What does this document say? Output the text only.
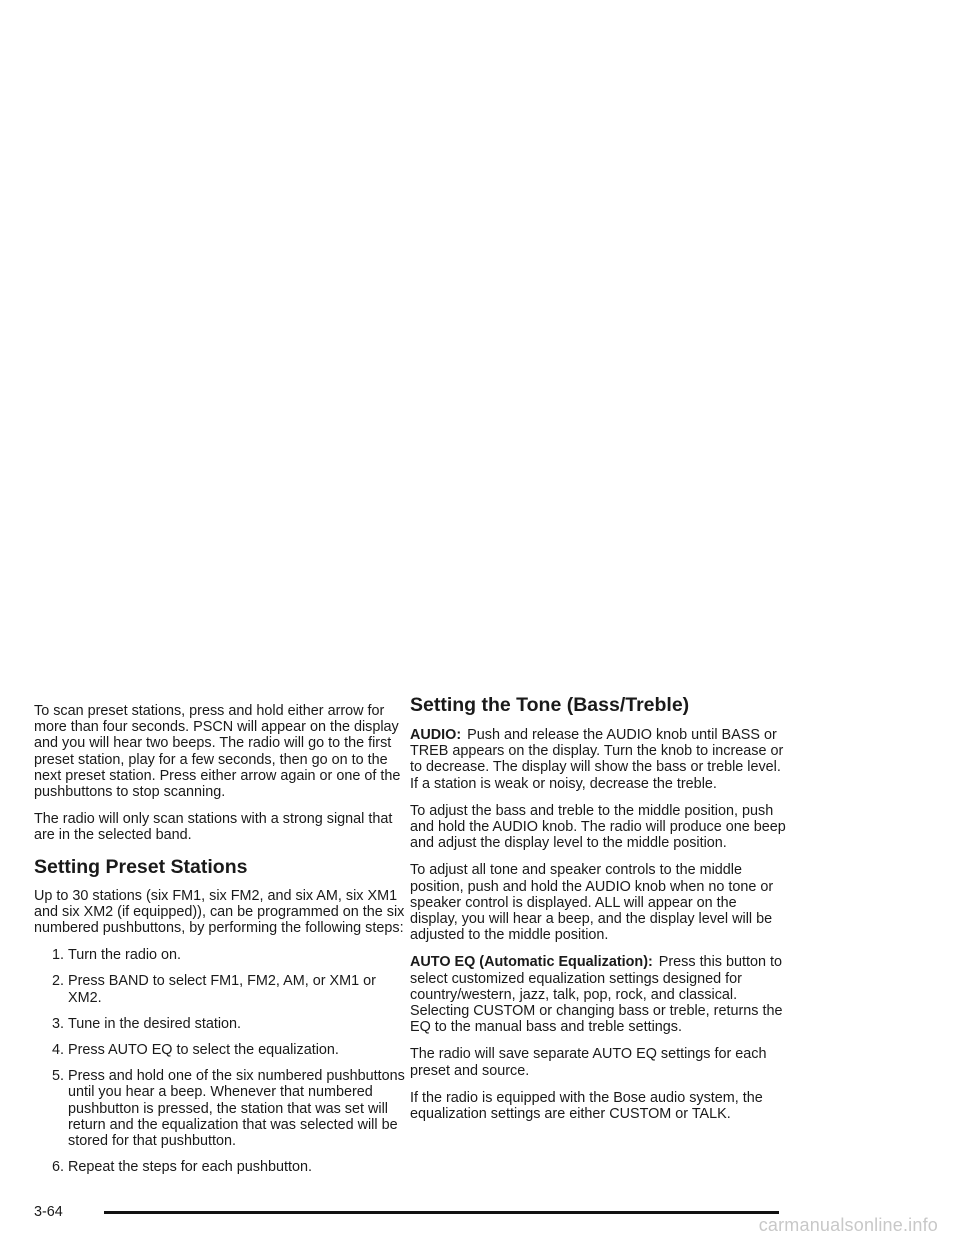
To scan preset stations, press and hold either arrow for more than four seconds. PSCN will appear on the display and you will hear two beeps. The radio will go to the first preset station, play for a few seconds, then go on to the next preset station. Press either arrow again or one of the pushbuttons to stop scanning.

The radio will only scan stations with a strong signal that are in the selected band.

Setting Preset Stations

Up to 30 stations (six FM1, six FM2, and six AM, six XM1 and six XM2 (if equipped)), can be programmed on the six numbered pushbuttons, by performing the following steps:

1. Turn the radio on.
2. Press BAND to select FM1, FM2, AM, or XM1 or XM2.
3. Tune in the desired station.
4. Press AUTO EQ to select the equalization.
5. Press and hold one of the six numbered pushbuttons until you hear a beep. Whenever that numbered pushbutton is pressed, the station that was set will return and the equalization that was selected will be stored for that pushbutton.
6. Repeat the steps for each pushbutton.
Setting the Tone (Bass/Treble)

AUDIO: Push and release the AUDIO knob until BASS or TREB appears on the display. Turn the knob to increase or to decrease. The display will show the bass or treble level. If a station is weak or noisy, decrease the treble.

To adjust the bass and treble to the middle position, push and hold the AUDIO knob. The radio will produce one beep and adjust the display level to the middle position.

To adjust all tone and speaker controls to the middle position, push and hold the AUDIO knob when no tone or speaker control is displayed. ALL will appear on the display, you will hear a beep, and the display level will be adjusted to the middle position.

AUTO EQ (Automatic Equalization): Press this button to select customized equalization settings designed for country/western, jazz, talk, pop, rock, and classical. Selecting CUSTOM or changing bass or treble, returns the EQ to the manual bass and treble settings.

The radio will save separate AUTO EQ settings for each preset and source.

If the radio is equipped with the Bose audio system, the equalization settings are either CUSTOM or TALK.

3-64
carmanualsonline.info
